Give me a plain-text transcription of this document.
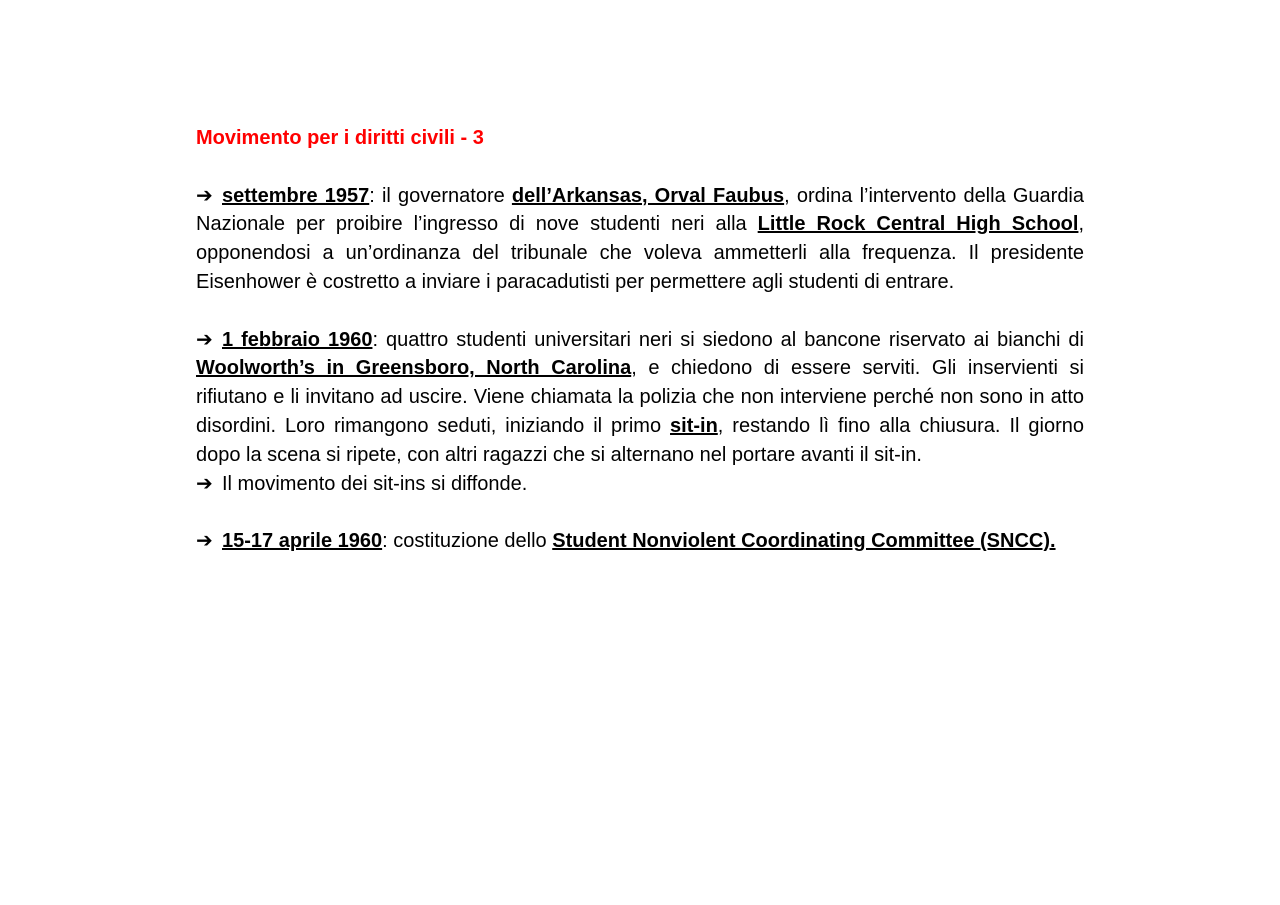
Movimento per i diritti civili - 3

➔ settembre 1957: il governatore dell’Arkansas, Orval Faubus, ordina l’intervento della Guardia Nazionale per proibire l’ingresso di nove studenti neri alla Little Rock Central High School, opponendosi a un’ordinanza del tribunale che voleva ammetterli alla frequenza. Il presidente Eisenhower è costretto a inviare i paracadutisti per permettere agli studenti di entrare.

➔ 1 febbraio 1960: quattro studenti universitari neri si siedono al bancone riservato ai bianchi di Woolworth’s in Greensboro, North Carolina, e chiedono di essere serviti. Gli inservienti si rifiutano e li invitano ad uscire. Viene chiamata la polizia che non interviene perché non sono in atto disordini. Loro rimangono seduti, iniziando il primo sit-in, restando lì fino alla chiusura. Il giorno dopo la scena si ripete, con altri ragazzi che si alternano nel portare avanti il sit-in.

➔ Il movimento dei sit-ins si diffonde.

➔ 15-17 aprile 1960: costituzione dello Student Nonviolent Coordinating Committee (SNCC).
